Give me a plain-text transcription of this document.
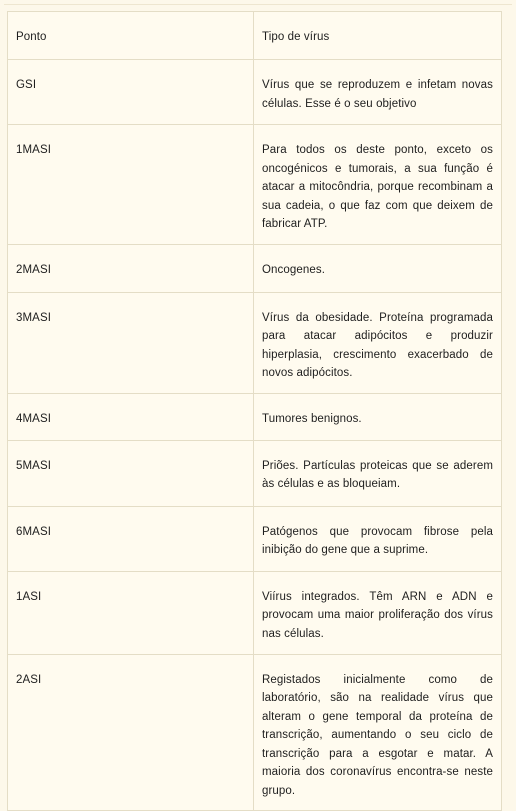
Ponto	Tipo de vírus
GSI	Vírus que se reproduzem e infetam novas células. Esse é o seu objetivo
1MASI	Para todos os deste ponto, exceto os oncogénicos e tumorais, a sua função é atacar a mitocôndria, porque recombinam a sua cadeia, o que faz com que deixem de fabricar ATP.
2MASI	Oncogenes.
3MASI	Vírus da obesidade. Proteína programada para atacar adipócitos e produzir hiperplasia, crescimento exacerbado de novos adipócitos.
4MASI	Tumores benignos.
5MASI	Priões. Partículas proteicas que se aderem às células e as bloqueiam.
6MASI	Patógenos que provocam fibrose pela inibição do gene que a suprime.
1ASI	Viírus integrados. Têm ARN e ADN e provocam uma maior proliferação dos vírus nas células.
2ASI	Registados inicialmente como de laboratório, são na realidade vírus que alteram o gene temporal da proteína de transcrição, aumentando o seu ciclo de transcrição para a esgotar e matar. A maioria dos coronavírus encontra-se neste grupo.
